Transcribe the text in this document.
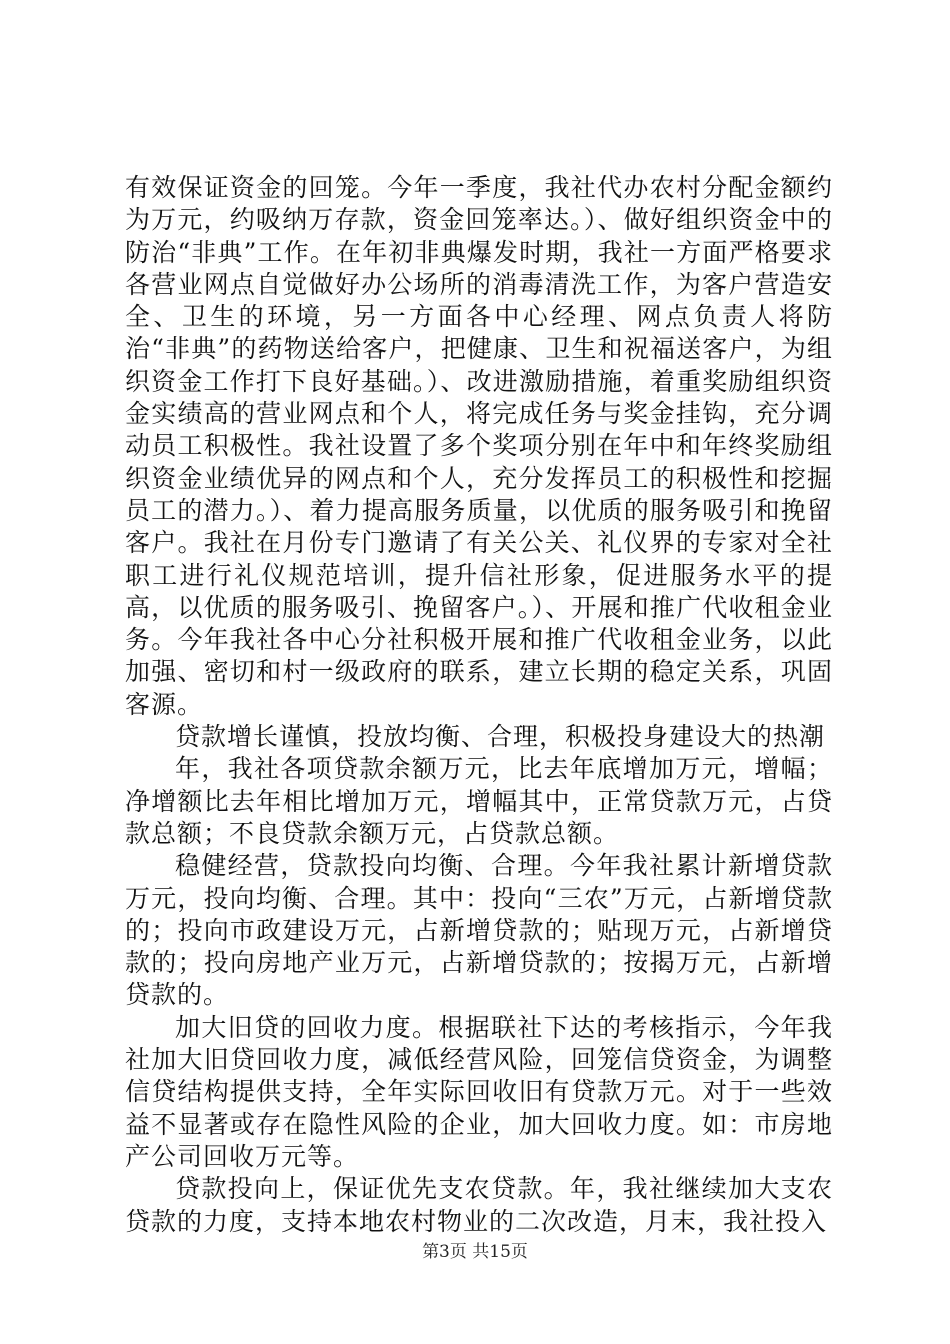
有效保证资金的回笼。今年一季度，我社代办农村分配金额约为万元，约吸纳万存款，资金回笼率达。）、做好组织资金中的防治“非典”工作。在年初非典爆发时期，我社一方面严格要求各营业网点自觉做好办公场所的消毒清洗工作，为客户营造安全、卫生的环境，另一方面各中心经理、网点负责人将防治“非典”的药物送给客户，把健康、卫生和祝福送客户，为组织资金工作打下良好基础。）、改进激励措施，着重奖励组织资金实绩高的营业网点和个人，将完成任务与奖金挂钩，充分调动员工积极性。我社设置了多个奖项分别在年中和年终奖励组织资金业绩优异的网点和个人，充分发挥员工的积极性和挖掘员工的潜力。）、着力提高服务质量，以优质的服务吸引和挽留客户。我社在月份专门邀请了有关公关、礼仪界的专家对全社职工进行礼仪规范培训，提升信社形象，促进服务水平的提高，以优质的服务吸引、挽留客户。）、开展和推广代收租金业务。今年我社各中心分社积极开展和推广代收租金业务，以此加强、密切和村一级政府的联系，建立长期的稳定关系，巩固客源。

贷款增长谨慎，投放均衡、合理，积极投身建设大的热潮

年，我社各项贷款余额万元，比去年底增加万元，增幅；净增额比去年相比增加万元，增幅其中，正常贷款万元，占贷款总额；不良贷款余额万元，占贷款总额。

稳健经营，贷款投向均衡、合理。今年我社累计新增贷款万元，投向均衡、合理。其中：投向“三农”万元，占新增贷款的；投向市政建设万元，占新增贷款的；贴现万元，占新增贷款的；投向房地产业万元，占新增贷款的；按揭万元，占新增贷款的。

加大旧贷的回收力度。根据联社下达的考核指示，今年我社加大旧贷回收力度，减低经营风险，回笼信贷资金，为调整信贷结构提供支持，全年实际回收旧有贷款万元。对于一些效益不显著或存在隐性风险的企业，加大回收力度。如：市房地产公司回收万元等。

贷款投向上，保证优先支农贷款。年，我社继续加大支农贷款的力度，支持本地农村物业的二次改造，月末，我社投入

第3页 共15页
